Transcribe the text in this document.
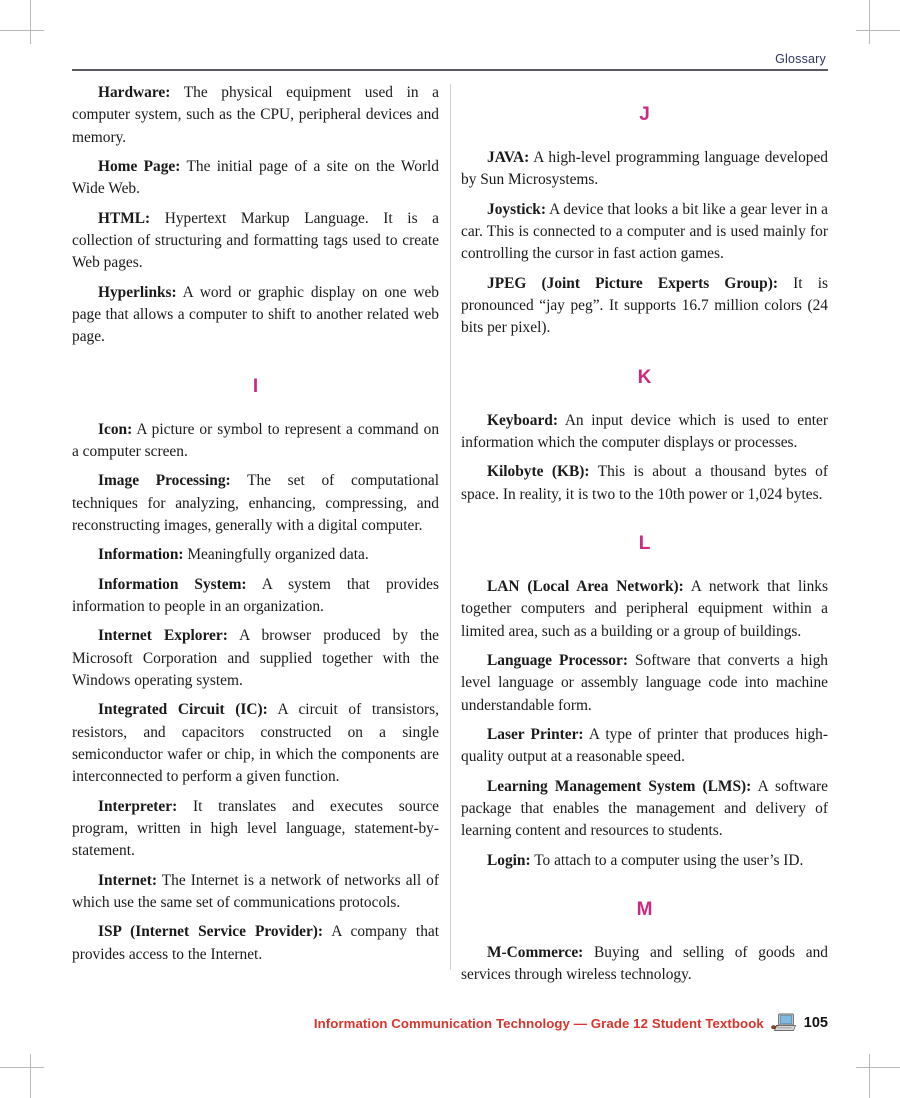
Glossary

Hardware: The physical equipment used in a computer system, such as the CPU, peripheral devices and memory.

Home Page: The initial page of a site on the World Wide Web.

HTML: Hypertext Markup Language. It is a collection of structuring and formatting tags used to create Web pages.

Hyperlinks: A word or graphic display on one web page that allows a computer to shift to another related web page.

I

Icon: A picture or symbol to represent a command on a computer screen.

Image Processing: The set of computational techniques for analyzing, enhancing, compressing, and reconstructing images, generally with a digital computer.

Information: Meaningfully organized data.

Information System: A system that provides information to people in an organization.

Internet Explorer: A browser produced by the Microsoft Corporation and supplied together with the Windows operating system.

Integrated Circuit (IC): A circuit of transistors, resistors, and capacitors constructed on a single semiconductor wafer or chip, in which the components are interconnected to perform a given function.

Interpreter: It translates and executes source program, written in high level language, statement-by-statement.

Internet: The Internet is a network of networks all of which use the same set of communications protocols.

ISP (Internet Service Provider): A company that provides access to the Internet.

J

JAVA: A high-level programming language developed by Sun Microsystems.

Joystick: A device that looks a bit like a gear lever in a car. This is connected to a computer and is used mainly for controlling the cursor in fast action games.

JPEG (Joint Picture Experts Group): It is pronounced “jay peg”. It supports 16.7 million colors (24 bits per pixel).

K

Keyboard: An input device which is used to enter information which the computer displays or processes.

Kilobyte (KB): This is about a thousand bytes of space. In reality, it is two to the 10th power or 1,024 bytes.

L

LAN (Local Area Network): A network that links together computers and peripheral equipment within a limited area, such as a building or a group of buildings.

Language Processor: Software that converts a high level language or assembly language code into machine understandable form.

Laser Printer: A type of printer that produces high-quality output at a reasonable speed.

Learning Management System (LMS): A software package that enables the management and delivery of learning content and resources to students.

Login: To attach to a computer using the user’s ID.

M

M-Commerce: Buying and selling of goods and services through wireless technology.

Information Communication Technology — Grade 12 Student Textbook	105
